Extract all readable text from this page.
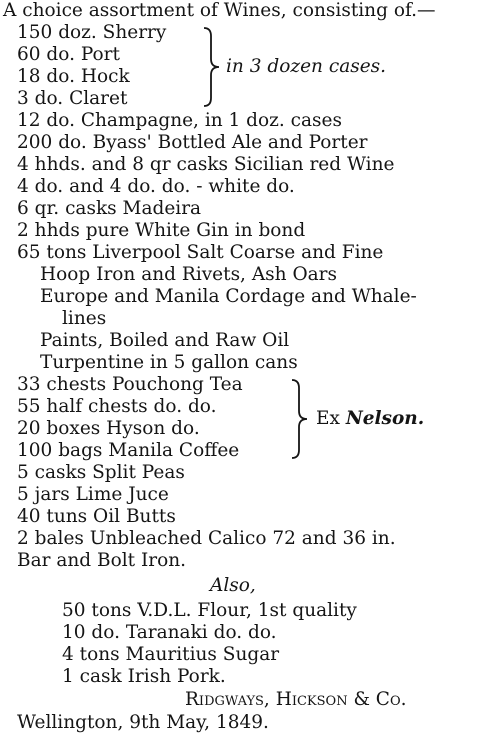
A choice assortment of Wines, consisting of.—
150 doz. Sherry
60 do. Port
18 do. Hock
3 do. Claret
in 3 dozen cases.
12 do. Champagne, in 1 doz. cases
200 do. Byass' Bottled Ale and Porter
4 hhds. and 8 qr casks Sicilian red Wine
4 do. and 4 do. do. - white do.
6 qr. casks Madeira
2 hhds pure White Gin in bond
65 tons Liverpool Salt Coarse and Fine
Hoop Iron and Rivets, Ash Oars
Europe and Manila Cordage and Whale-
lines
Paints, Boiled and Raw Oil
Turpentine in 5 gallon cans
33 chests Pouchong Tea
55 half chests do. do.
20 boxes Hyson do.
100 bags Manila Coffee
Ex Nelson.
5 casks Split Peas
5 jars Lime Juce
40 tuns Oil Butts
2 bales Unbleached Calico 72 and 36 in.
Bar and Bolt Iron.
Also,
50 tons V.D.L. Flour, 1st quality
10 do. Taranaki do. do.
4 tons Mauritius Sugar
1 cask Irish Pork.
Ridgways, Hickson & Co.
Wellington, 9th May, 1849.
